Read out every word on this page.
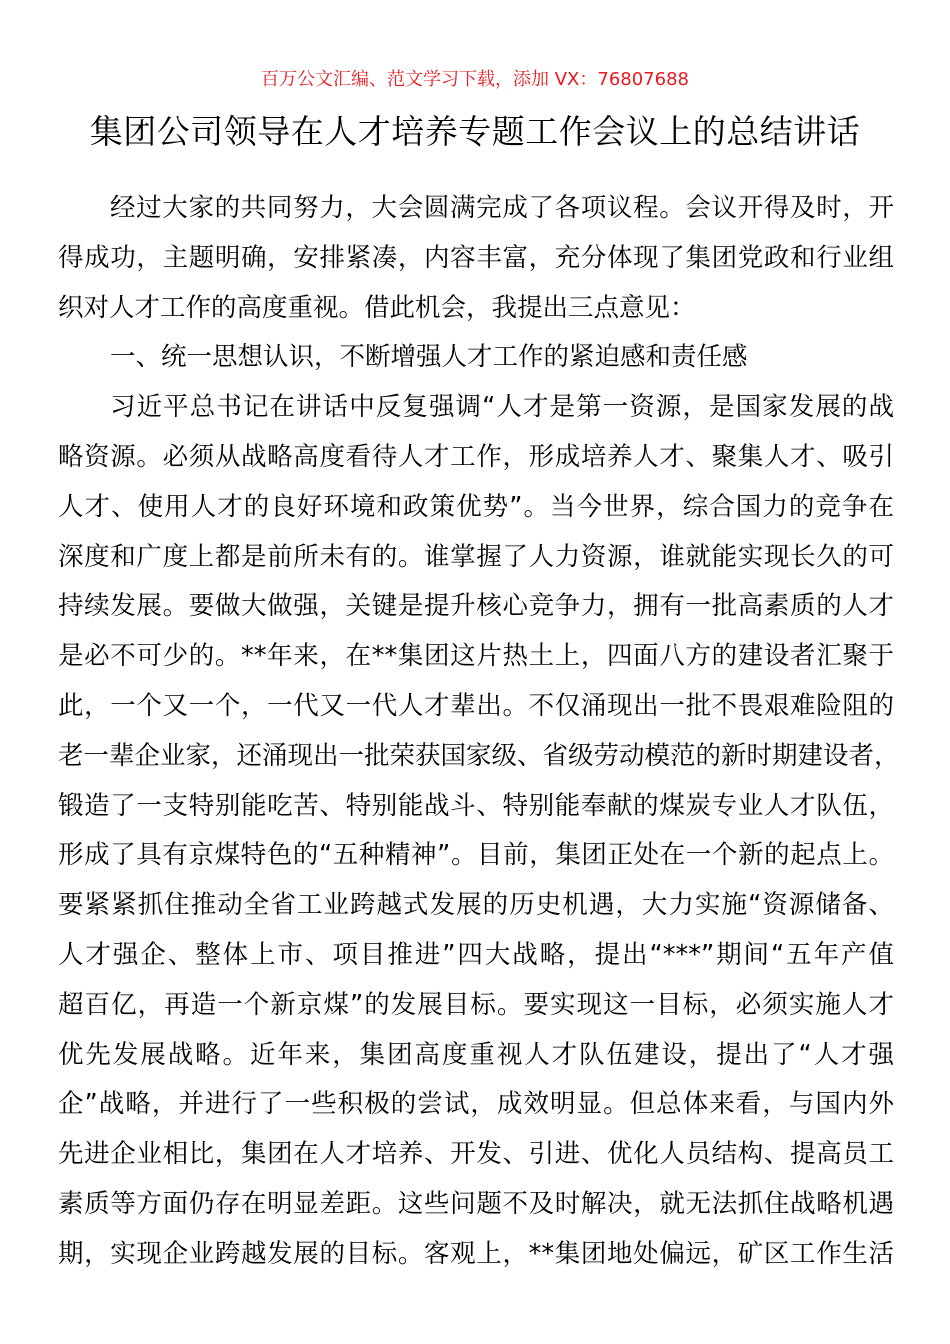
百万公文汇编、范文学习下载，添加 VX：76807688
集团公司领导在人才培养专题工作会议上的总结讲话
经过大家的共同努力，大会圆满完成了各项议程。会议开得及时，开
得成功，主题明确，安排紧凑，内容丰富，充分体现了集团党政和行业组
织对人才工作的高度重视。借此机会，我提出三点意见：
一、统一思想认识，不断增强人才工作的紧迫感和责任感
习近平总书记在讲话中反复强调“人才是第一资源，是国家发展的战
略资源。必须从战略高度看待人才工作，形成培养人才、聚集人才、吸引
人才、使用人才的良好环境和政策优势”。当今世界，综合国力的竞争在
深度和广度上都是前所未有的。谁掌握了人力资源，谁就能实现长久的可
持续发展。要做大做强，关键是提升核心竞争力，拥有一批高素质的人才
是必不可少的。**年来，在**集团这片热土上，四面八方的建设者汇聚于
此，一个又一个，一代又一代人才辈出。不仅涌现出一批不畏艰难险阻的
老一辈企业家，还涌现出一批荣获国家级、省级劳动模范的新时期建设者，
锻造了一支特别能吃苦、特别能战斗、特别能奉献的煤炭专业人才队伍，
形成了具有京煤特色的“五种精神”。目前，集团正处在一个新的起点上。
要紧紧抓住推动全省工业跨越式发展的历史机遇，大力实施“资源储备、
人才强企、整体上市、项目推进”四大战略，提出“***”期间“五年产值
超百亿，再造一个新京煤”的发展目标。要实现这一目标，必须实施人才
优先发展战略。近年来，集团高度重视人才队伍建设，提出了“人才强
企”战略，并进行了一些积极的尝试，成效明显。但总体来看，与国内外
先进企业相比，集团在人才培养、开发、引进、优化人员结构、提高员工
素质等方面仍存在明显差距。这些问题不及时解决，就无法抓住战略机遇
期，实现企业跨越发展的目标。客观上，**集团地处偏远，矿区工作生活
